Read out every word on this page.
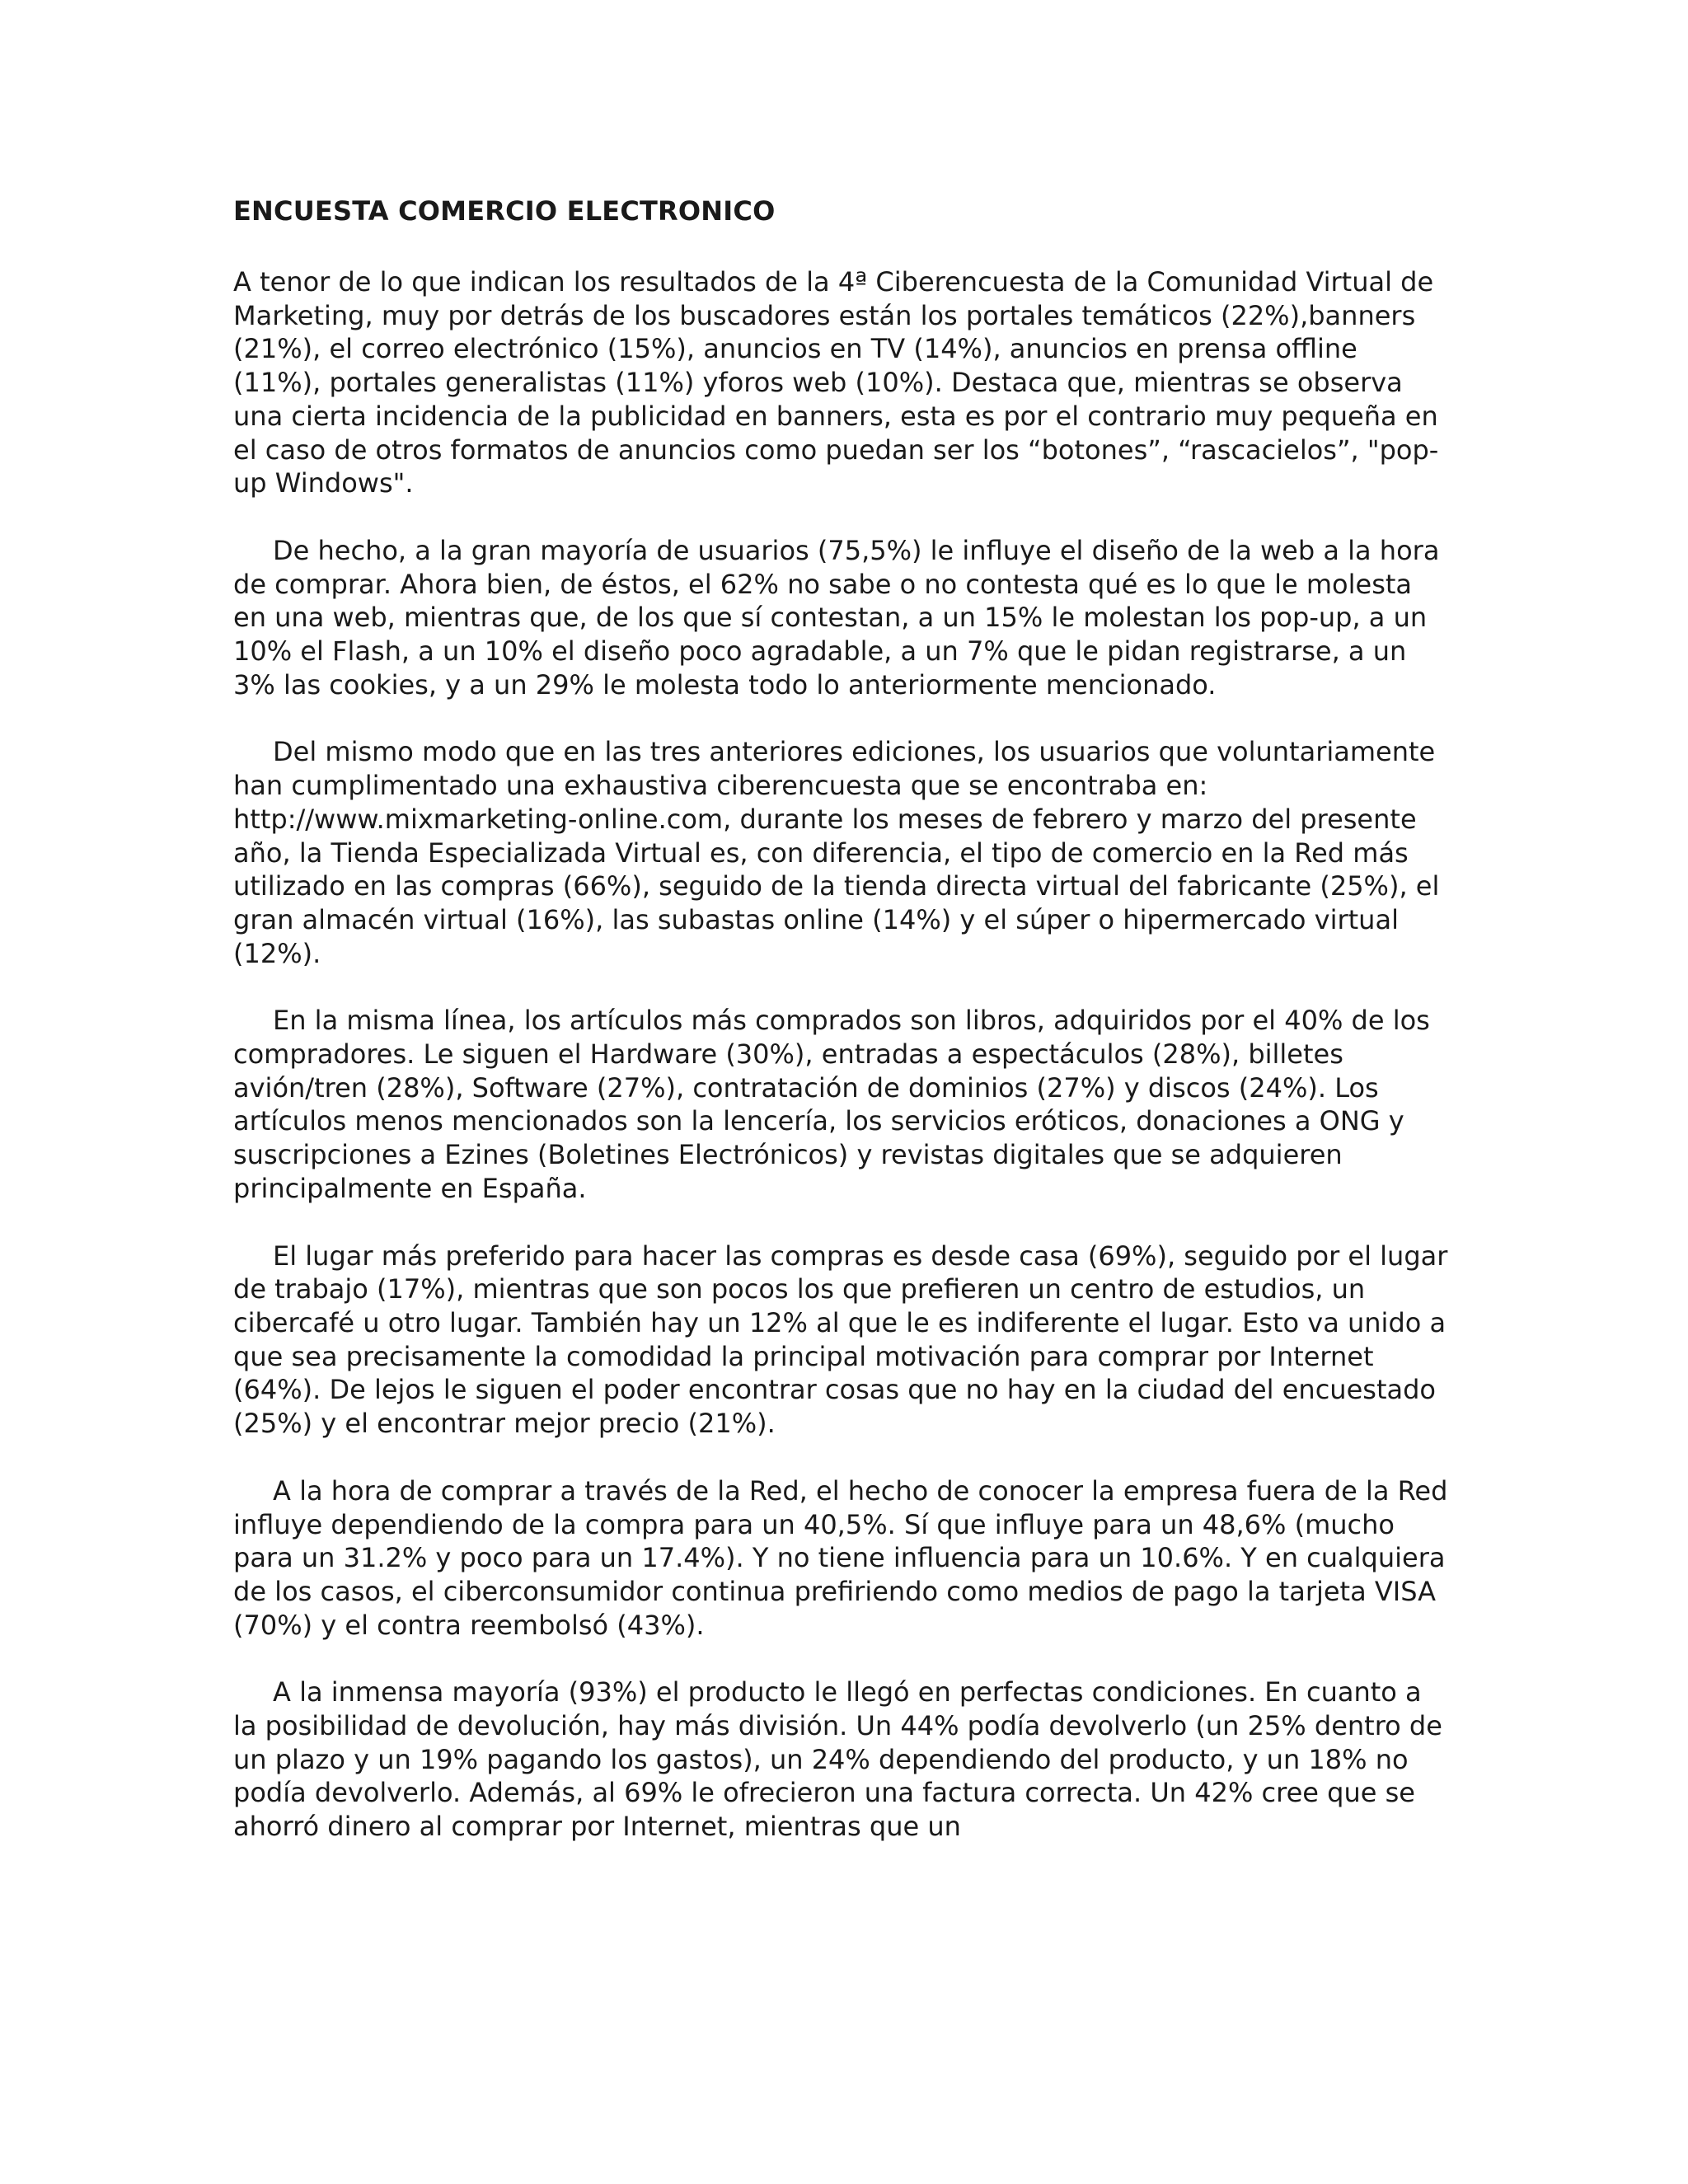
ENCUESTA COMERCIO ELECTRONICO

A tenor de lo que indican los resultados de la 4ª Ciberencuesta de la Comunidad Virtual de Marketing, muy por detrás de los buscadores están los portales temáticos (22%),banners (21%), el correo electrónico (15%), anuncios en TV (14%), anuncios en prensa offline (11%), portales generalistas (11%) yforos web (10%). Destaca que, mientras se observa una cierta incidencia de la publicidad en banners, esta es por el contrario muy pequeña en el caso de otros formatos de anuncios como puedan ser los “botones”, “rascacielos”, "pop-up Windows".

De hecho, a la gran mayoría de usuarios (75,5%) le influye el diseño de la web a la hora de comprar. Ahora bien, de éstos, el 62% no sabe o no contesta qué es lo que le molesta en una web, mientras que, de los que sí contestan, a un 15% le molestan los pop-up, a un 10% el Flash, a un 10% el diseño poco agradable, a un 7% que le pidan registrarse, a un 3% las cookies, y a un 29% le molesta todo lo anteriormente mencionado.

Del mismo modo que en las tres anteriores ediciones, los usuarios que voluntariamente han cumplimentado una exhaustiva ciberencuesta que se encontraba en: http://www.mixmarketing-online.com, durante los meses de febrero y marzo del presente año, la Tienda Especializada Virtual es, con diferencia, el tipo de comercio en la Red más utilizado en las compras (66%), seguido de la tienda directa virtual del fabricante (25%), el gran almacén virtual (16%), las subastas online (14%) y el súper o hipermercado virtual (12%).

En la misma línea, los artículos más comprados son libros, adquiridos por el 40% de los compradores. Le siguen el Hardware (30%), entradas a espectáculos (28%), billetes avión/tren (28%), Software (27%), contratación de dominios (27%) y discos (24%). Los artículos menos mencionados son la lencería, los servicios eróticos, donaciones a ONG y suscripciones a Ezines (Boletines Electrónicos) y revistas digitales que se adquieren principalmente en España.

El lugar más preferido para hacer las compras es desde casa (69%), seguido por el lugar de trabajo (17%), mientras que son pocos los que prefieren un centro de estudios, un cibercafé u otro lugar. También hay un 12% al que le es indiferente el lugar. Esto va unido a que sea precisamente la comodidad la principal motivación para comprar por Internet (64%). De lejos le siguen el poder encontrar cosas que no hay en la ciudad del encuestado (25%) y el encontrar mejor precio (21%).

A la hora de comprar a través de la Red, el hecho de conocer la empresa fuera de la Red influye dependiendo de la compra para un 40,5%. Sí que influye para un 48,6% (mucho para un 31.2% y poco para un 17.4%). Y no tiene influencia para un 10.6%. Y en cualquiera de los casos, el ciberconsumidor continua prefiriendo como medios de pago la tarjeta VISA (70%) y el contra reembolsó (43%).

A la inmensa mayoría (93%) el producto le llegó en perfectas condiciones. En cuanto a la posibilidad de devolución, hay más división. Un 44% podía devolverlo (un 25% dentro de un plazo y un 19% pagando los gastos), un 24% dependiendo del producto, y un 18% no podía devolverlo. Además, al 69% le ofrecieron una factura correcta. Un 42% cree que se ahorró dinero al comprar por Internet, mientras que un
